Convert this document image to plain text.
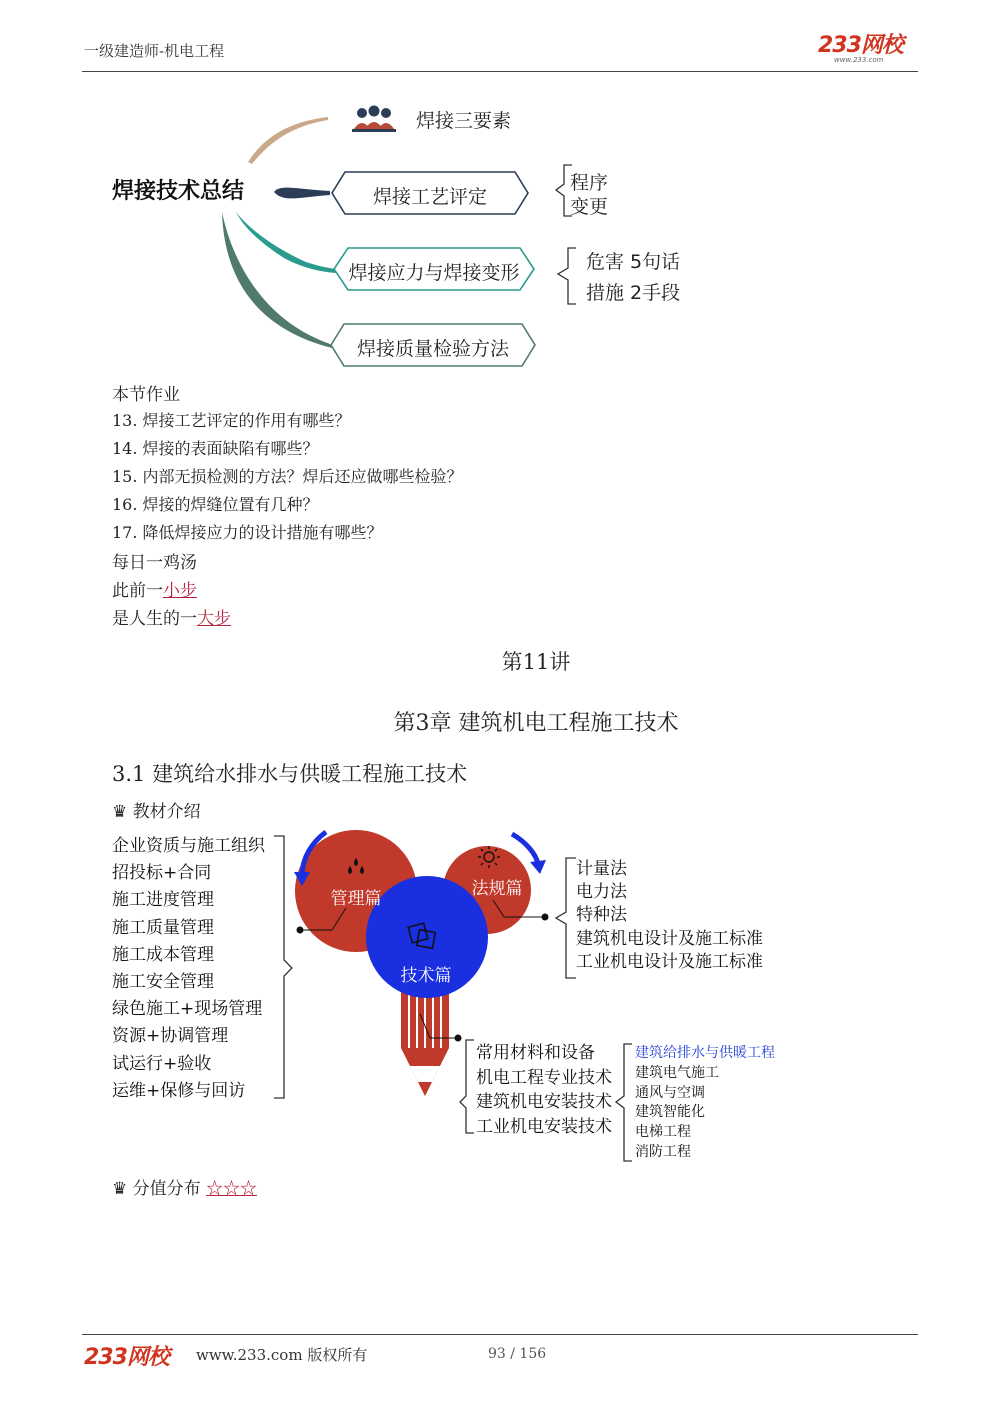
一级建造师-机电工程	233网校
www.233.com
焊接技术总结
焊接三要素
焊接工艺评定
焊接应力与焊接变形
焊接质量检验方法
程序
变更
危害 5句话
措施 2手段
本节作业
13. 焊接工艺评定的作用有哪些？
14. 焊接的表面缺陷有哪些？
15. 内部无损检测的方法？焊后还应做哪些检验？
16. 焊接的焊缝位置有几种？
17. 降低焊接应力的设计措施有哪些？
每日一鸡汤
此前一小步
是人生的一大步
第11讲
第3章 建筑机电工程施工技术
3.1 建筑给水排水与供暖工程施工技术
♛ 教材介绍
管理篇	法规篇
技术篇
企业资质与施工组织
招投标+合同
施工进度管理
施工质量管理
施工成本管理
施工安全管理
绿色施工+现场管理
资源+协调管理
试运行+验收
运维+保修与回访
计量法
电力法
特种法
建筑机电设计及施工标准
工业机电设计及施工标准
常用材料和设备
机电工程专业技术
建筑机电安装技术
工业机电安装技术
建筑给排水与供暖工程
建筑电气施工
通风与空调
建筑智能化
电梯工程
消防工程
♛ 分值分布 ☆☆☆
233网校 www.233.com 版权所有	93 / 156
